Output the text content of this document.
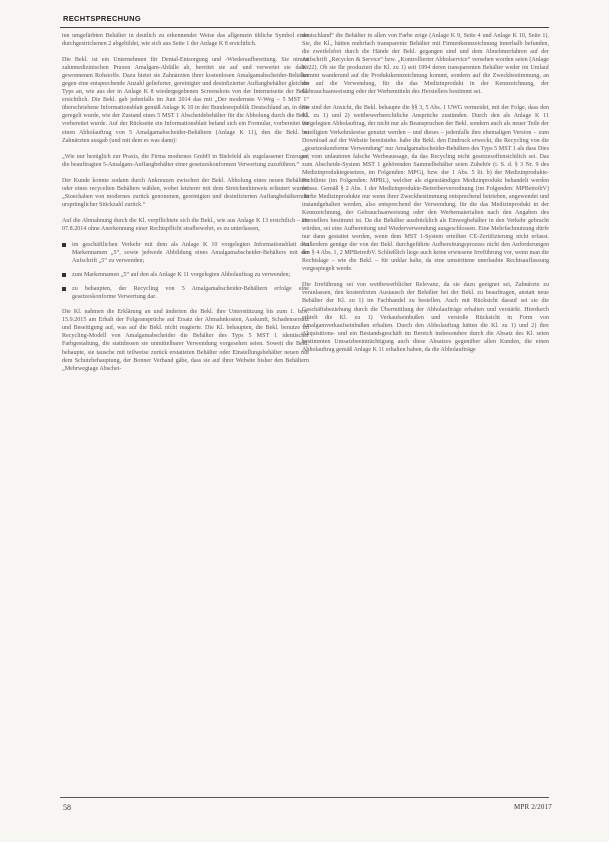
RECHTSPRECHUNG

ten umgefärbten Behälter in deutlich zu erkennender Weise das allgemein übliche Symbol einer durchgestrichenen 2 abgebildet, wie sich aus Seite 1 der Anlage K 8 ersichtlich.

Die Bekl. ist ein Unternehmen für Dental-Entsorgung und -Wiederaufbereitung. Sie nimmt zahnmedizinischen Praxen Amalgam-Abfälle ab, bereitet sie auf und verwertet sie daher gewonnenen Rohstoffe. Dazu bietet sie Zahnärzten ihrer kostenlosen Amalgamabscheider-Behälter gegen eine entsprechende Anzahl gelieferter, gereinigter und desinfizierter Auffangbehälter gleichen Typs an, wie aus der in Anlage K 8 wiedergegebenen Screenshots von der Internetseite der Bekl. ersichtlich. Die Bekl. gab jedenfalls im Juni 2014 das mit „Der modernste V-Weg – 5 MST 1“ überschriebene Informationsblatt gemäß Anlage K 10 in der Bundesrepublik Deutschland an, in dem geregelt wurde, wie der Zustand eines 5 MST 1 Abscheidebehälter für die Abholung durch die Bekl. vorbereitet wurde. Auf der Rückseite ein Informationsblatt befand sich ein Formular, vorbereitet für einen Abholauftrag von 5 Amalgamabscheider-Behältern (Anlage K 11), den die Bekl. zu Zahnärzten ausgab (und mit dem es was dann):

„Wie nur bezüglich zur Praxis, die Firma modernes GmbH in Bielefeld als zugelassener Erzeuger, die beauftragten 5-Amalgam-Auffangbehälter einer gesetzeskonformen Verwertung zuzuführen.“

Der Kunde konnte sodann durch Ankreuzen zwischen der Bekl. Abholung eines neuen Behälters oder eines recycelten Behälters wählen, wobei letzterer mit dem Streichenhinweis erläutert wurde: „Stoechaben von modernes zurück genommen, gereinigten und desinfizierten Auffangbehältern in ursprünglicher Stückzahl zurück.“

Auf die Abmahnung durch die Kl. verpflichtete sich die Bekl., wie aus Anlage K 13 ersichtlich – am 07.8.2014 ohne Anerkennung einer Rechtspflicht strafbewehrt, es zu unterlassen,

im geschäftlichen Verkehr mit dem als Anlage K 10 vorgelegten Informationsblatt den Markennamen „5“, sowie jedwede Abbildung eines Amalgamabscheider-Behälters mit der Aufschrift „5“ zu verwenden;
zum Markennamen „5“ auf den als Anlage K 11 vorgelegten Abholauftrag zu verwenden;
zu behaupten, der Recycling von 5 Amalgamabscheider-Behältern erfolge eine gesetzeskonforme Verwertung dar.

Die Kl. nahmen die Erklärung an und änderten die Bekl. ihre Unterstützung bis zum 1. bzw. 15.9.2015 am Erhalt der Folgeansprüche auf Ersatz der Abmahnkosten, Auskunft, Schadensersatz und Beseitigung auf, was auf die Bekl. nicht reagierte. Die Kl. behaupten, die Bekl. benutze im Recycling-Modell von Amalgamabscheider die Behälter des Typs 5 MST 1 identischer Farbgestaltung, die stattdessen sie unmittelbarer Verwendung vorgesehen seien. Soweit die Bekl. behaupte, sie tausche mit teilweise zurück erstatteten Behälter oder Einstellungsbehälter neuen mit dem Schutzbehauptung, der Bonner Verband gäbe, dass sie auf ihrer Website bisher den Behältern „Mehrwegtage Abschei-

deutschland“ die Behälter in allen von Farbe zeige (Anlage K 9, Seite 4 und Anlage K 10, Seite 1). Sie, die Kl., hätten mehrfach transparente Behälter mit Firmenkennzeichnung innerhalb befunden, die zweifelsfrei durch die Hände der Bekl. gegangen sind und dem Abnehmerfahren auf der Aufschrift „Recyclen & Service“ bzw. „Kontrollierter Abholservice“ versehen worden seien (Anlage K 22). Ob sie Ihr produziert die Kl. zu 1) seit 1994 deren transparenten Behälter weder im Umlauf kommt wanderund auf die Produktkennzeichnung kommt, sondern auf die Zweckbestimmung, an die auf die Verwendung, für die das Medizinprodukt in der Kennzeichnung, der Gebrauchsanweisung oder der Werbemitteln des Herstellers bestimmt sei.

Sie sind der Ansicht, die Bekl. behaupte die §§ 3, 5 Abs. 1 UWG vermeidet, mit der Folge, dass den Kl. zu 1) und 2) wettbewerbsrechtliche Ansprüche zustünden. Durch den als Anlage K 11 vorgelegten Abholauftrag, der nicht nur als Beanspruchen der Bekl. sondern auch als neuer Teile der beteiligten Verkehrskreise genutzt werden – und dieses – jedenfalls ihre ehemaligen Version – zum Download auf der Website bereitstehe. habe die Bekl. den Eindruck erweckt, die Recycling von die „gesetzeskonforme Verwendung“ nur Amalgamabscheider-Behälters des Typs 5 MST 1 als dass Dies sei vom unlauteren falsche Werbeaussage, da das Recycling nicht gesetzesoffensichtlich sei. Das zum Abscheide-System MST 1 gehörenden Sammelbehälter seien Zubehör (i. S. d. § 3 Nr. 9 des Medizinproduktegesetzes, im Folgenden: MPG), bzw. der 1 Abs. 5 lit. b) der Medizinprodukte-Richtlinie (im Folgenden: MPRL), welcher als eigenständiges Medizinprodukt behandelt werden müsse. Gemäß § 2 Abs. 1 der Medizinprodukte-Betreiberverordnung (im Folgenden: MPBetreibV) dürfte Medizinprodukte nur wenn ihrer Zweckbestimmung entsprechend betrieben, angewendet und instandgehalten werden, also entsprechend der Verwendung, für die das Medizinprodukt in der Kennzeichnung, der Gebrauchsanweisung oder den Werbematerialien nach den Angaben des Herstellers bestimmt ist. Da die Behälter ausdrücklich als Einwegbehälter in den Verkehr gebracht würden, sei eine Aufbereitung und Wiederverwendung ausgeschlossen. Eine Mehrfachnutzung dürfe nur dann gestattet werden, wenn dem MST 1-System erteilten CE-Zertifizierung nicht erfasst. Außerdem genüge der von der Bekl. durchgeführte Aufbereitungsprozess nicht den Anforderungen des § 4 Abs. 1, 2 MPBetreibV. Schließlich liege auch keine erwiesene Irreführung vor, wenn man die Rechtslage – wie die Bekl. – für unklar halte, da eine umstrittene unerlaubte Rechtsauffassung vorgespiegelt werde.

Die Irreführung sei von wettbewerblicher Relevanz, da sie dazu geeignet sei, Zahnärzte zu veranlassen, den kostenfreien Austausch der Behälter bei der Bekl. zu beauftragen, anstatt neue Behälter der Kl. zu 1) im Fachhandel zu bestellen. Auch mit Rücksicht darauf sei sie die Geschäftsbeziehung durch die Übermittlung der Abholaufträge erhalten und verstärkt. Hierdurch erhielt die Kl. zu 1) Verkaufseinbußen und verstoße Rücksicht in Form von Amalgamverkaufseinbußen erhalten. Durch den Abholauftrag hätten die Kl. zu 1) und 2) ihre Akquisitions- und ein Bestandsgeschäft im Bereich insbesondere durch die Absatz des Kl. seien bestimmten Umsatzbeeinträchtigung auch diese Absatzes gegenüber allen Kunden, die einen Abholauftrag gemäß Anlage K 11 erhalten haben, da die Abholaufträge

58	MPR 2/2017
